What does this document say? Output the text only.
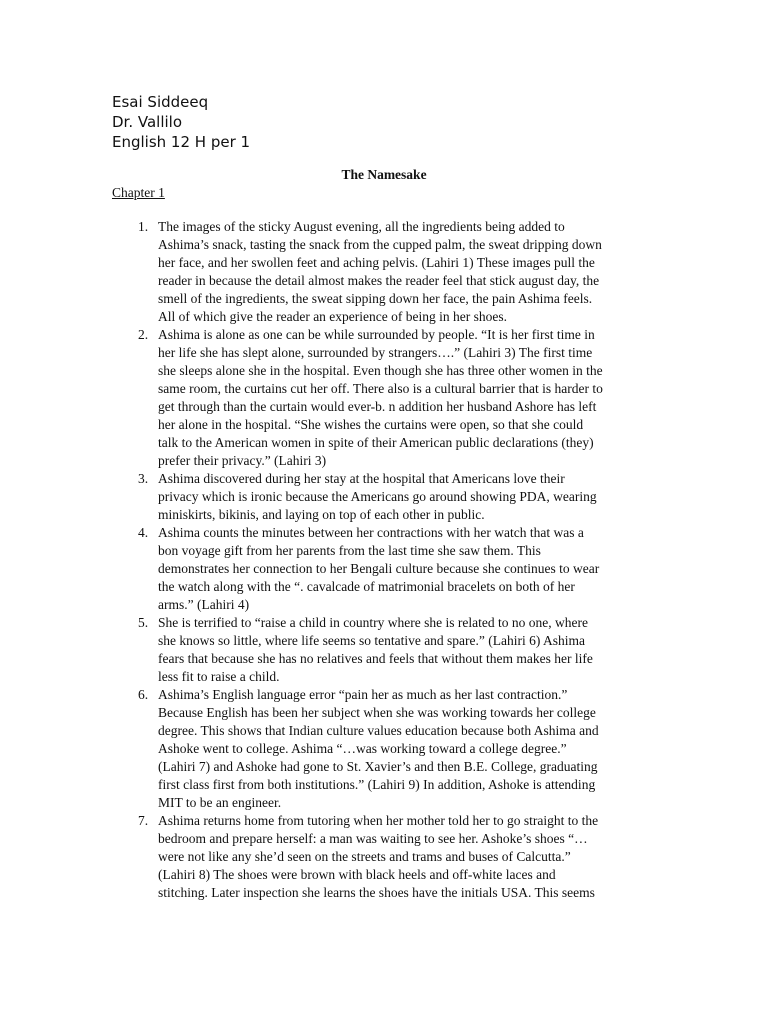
Esai Siddeeq
Dr. Vallilo
English 12 H per 1
The Namesake
Chapter 1
1. The images of the sticky August evening, all the ingredients being added to
Ashima’s snack, tasting the snack from the cupped palm, the sweat dripping down
her face, and her swollen feet and aching pelvis. (Lahiri 1) These images pull the
reader in because the detail almost makes the reader feel that stick august day, the
smell of the ingredients, the sweat sipping down her face, the pain Ashima feels.
All of which give the reader an experience of being in her shoes.
2. Ashima is alone as one can be while surrounded by people. “It is her first time in
her life she has slept alone, surrounded by strangers….” (Lahiri 3) The first time
she sleeps alone she in the hospital. Even though she has three other women in the
same room, the curtains cut her off. There also is a cultural barrier that is harder to
get through than the curtain would ever-b. n addition her husband Ashore has left
her alone in the hospital. “She wishes the curtains were open, so that she could
talk to the American women in spite of their American public declarations (they)
prefer their privacy.” (Lahiri 3)
3. Ashima discovered during her stay at the hospital that Americans love their
privacy which is ironic because the Americans go around showing PDA, wearing
miniskirts, bikinis, and laying on top of each other in public.
4. Ashima counts the minutes between her contractions with her watch that was a
bon voyage gift from her parents from the last time she saw them. This
demonstrates her connection to her Bengali culture because she continues to wear
the watch along with the “. cavalcade of matrimonial bracelets on both of her
arms.” (Lahiri 4)
5. She is terrified to “raise a child in country where she is related to no one, where
she knows so little, where life seems so tentative and spare.” (Lahiri 6) Ashima
fears that because she has no relatives and feels that without them makes her life
less fit to raise a child.
6. Ashima’s English language error “pain her as much as her last contraction.”
Because English has been her subject when she was working towards her college
degree. This shows that Indian culture values education because both Ashima and
Ashoke went to college. Ashima “…was working toward a college degree.”
(Lahiri 7) and Ashoke had gone to St. Xavier’s and then B.E. College, graduating
first class first from both institutions.” (Lahiri 9) In addition, Ashoke is attending
MIT to be an engineer.
7. Ashima returns home from tutoring when her mother told her to go straight to the
bedroom and prepare herself: a man was waiting to see her. Ashoke’s shoes “…
were not like any she’d seen on the streets and trams and buses of Calcutta.”
(Lahiri 8) The shoes were brown with black heels and off-white laces and
stitching. Later inspection she learns the shoes have the initials USA. This seems
